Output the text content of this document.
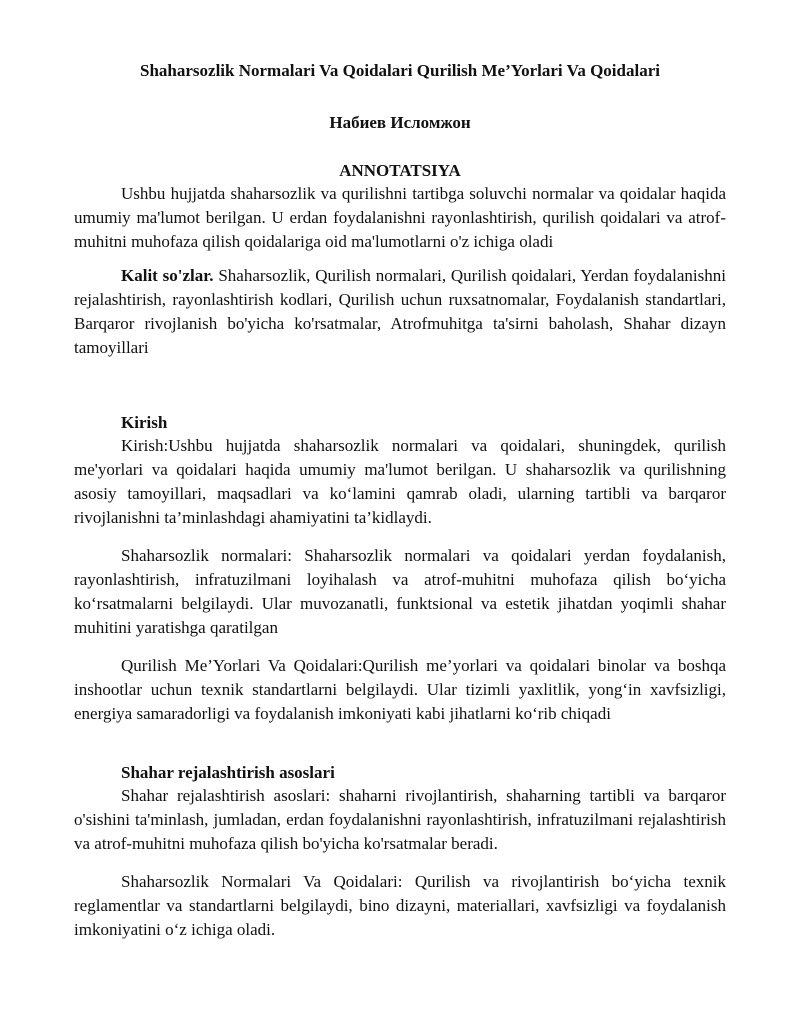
Shaharsozlik Normalari Va Qoidalari Qurilish Me’Yorlari Va Qoidalari
Набиев Исломжон
ANNOTATSIYA

Ushbu hujjatda shaharsozlik va qurilishni tartibga soluvchi normalar va qoidalar haqida umumiy ma'lumot berilgan. U erdan foydalanishni rayonlashtirish, qurilish qoidalari va atrof-muhitni muhofaza qilish qoidalariga oid ma'lumotlarni o'z ichiga oladi

Kalit so'zlar. Shaharsozlik, Qurilish normalari, Qurilish qoidalari, Yerdan foydalanishni rejalashtirish, rayonlashtirish kodlari, Qurilish uchun ruxsatnomalar, Foydalanish standartlari, Barqaror rivojlanish bo'yicha ko'rsatmalar, Atrofmuhitga ta'sirni baholash, Shahar dizayn tamoyillari

Kirish

Kirish:Ushbu hujjatda shaharsozlik normalari va qoidalari, shuningdek, qurilish me'yorlari va qoidalari haqida umumiy ma'lumot berilgan. U shaharsozlik va qurilishning asosiy tamoyillari, maqsadlari va ko‘lamini qamrab oladi, ularning tartibli va barqaror rivojlanishni ta’minlashdagi ahamiyatini ta’kidlaydi.

Shaharsozlik normalari: Shaharsozlik normalari va qoidalari yerdan foydalanish, rayonlashtirish, infratuzilmani loyihalash va atrof-muhitni muhofaza qilish bo‘yicha ko‘rsatmalarni belgilaydi. Ular muvozanatli, funktsional va estetik jihatdan yoqimli shahar muhitini yaratishga qaratilgan

Qurilish Me’Yorlari Va Qoidalari:Qurilish me’yorlari va qoidalari binolar va boshqa inshootlar uchun texnik standartlarni belgilaydi. Ular tizimli yaxlitlik, yong‘in xavfsizligi, energiya samaradorligi va foydalanish imkoniyati kabi jihatlarni ko‘rib chiqadi

Shahar rejalashtirish asoslari

Shahar rejalashtirish asoslari: shaharni rivojlantirish, shaharning tartibli va barqaror o'sishini ta'minlash, jumladan, erdan foydalanishni rayonlashtirish, infratuzilmani rejalashtirish va atrof-muhitni muhofaza qilish bo'yicha ko'rsatmalar beradi.

Shaharsozlik Normalari Va Qoidalari: Qurilish va rivojlantirish bo‘yicha texnik reglamentlar va standartlarni belgilaydi, bino dizayni, materiallari, xavfsizligi va foydalanish imkoniyatini o‘z ichiga oladi.
